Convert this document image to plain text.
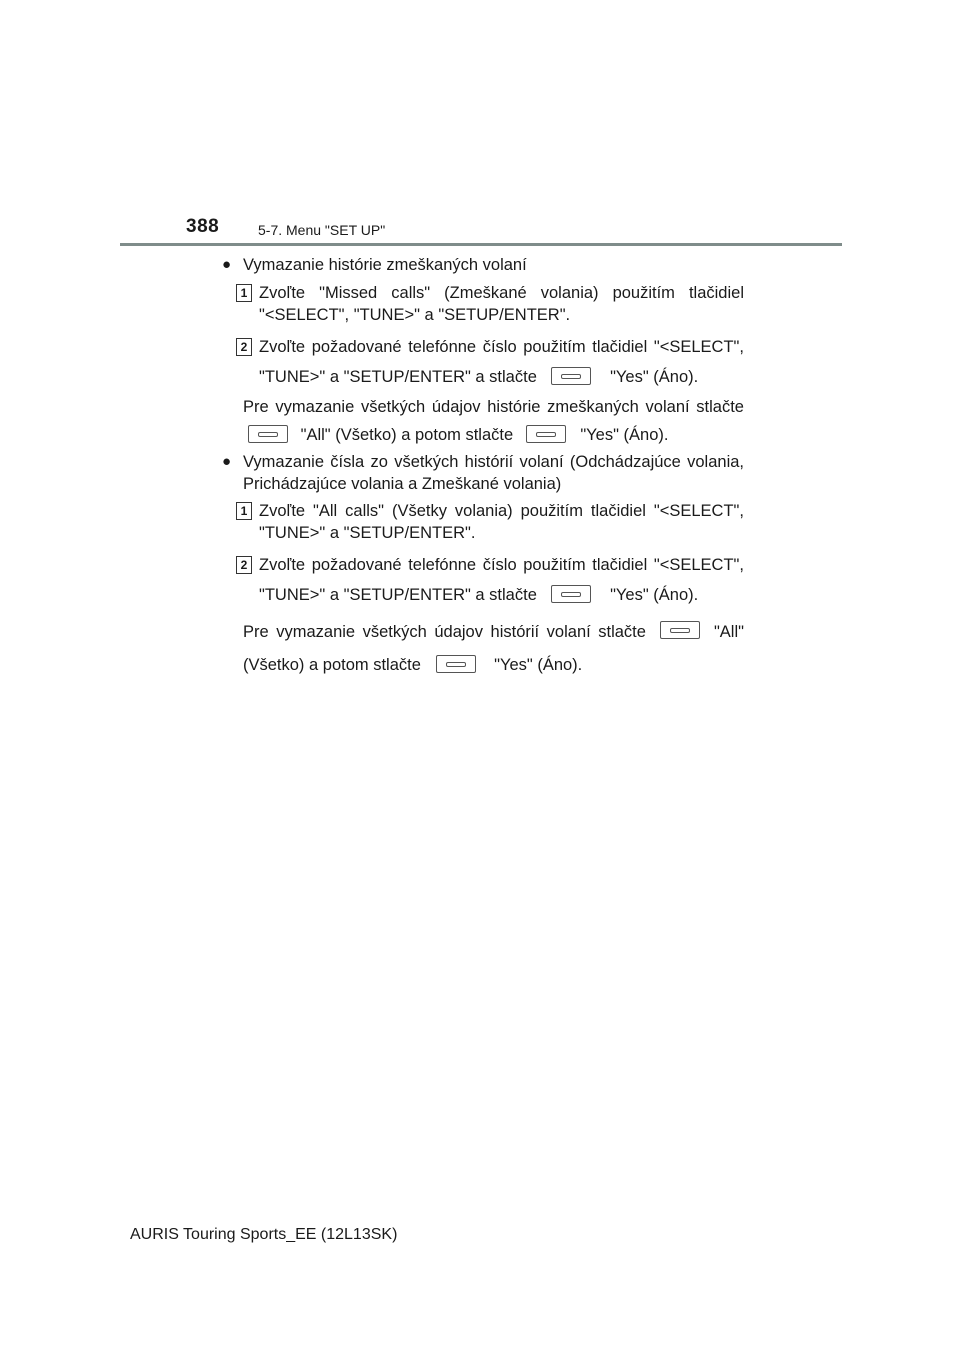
388	5-7. Menu "SET UP"
● Vymazanie histórie zmeškaných volaní
1 Zvoľte "Missed calls" (Zmeškané volania) použitím tlačidiel
"<SELECT", "TUNE>" a "SETUP/ENTER".
2 Zvoľte požadované telefónne číslo použitím tlačidiel "<SELECT",
"TUNE>" a "SETUP/ENTER" a stlačte	"Yes" (Áno).
Pre vymazanie všetkých údajov histórie zmeškaných volaní stlačte
"All" (Všetko) a potom stlačte	"Yes" (Áno).
● Vymazanie čísla zo všetkých histórií volaní (Odchádzajúce volania,
Prichádzajúce volania a Zmeškané volania)
1 Zvoľte "All calls" (Všetky volania) použitím tlačidiel "<SELECT",
"TUNE>" a "SETUP/ENTER".
2 Zvoľte požadované telefónne číslo použitím tlačidiel "<SELECT",
"TUNE>" a "SETUP/ENTER" a stlačte	"Yes" (Áno).
Pre vymazanie všetkých údajov histórií volaní stlačte	"All"
(Všetko) a potom stlačte	"Yes" (Áno).
AURIS Touring Sports_EE (12L13SK)
